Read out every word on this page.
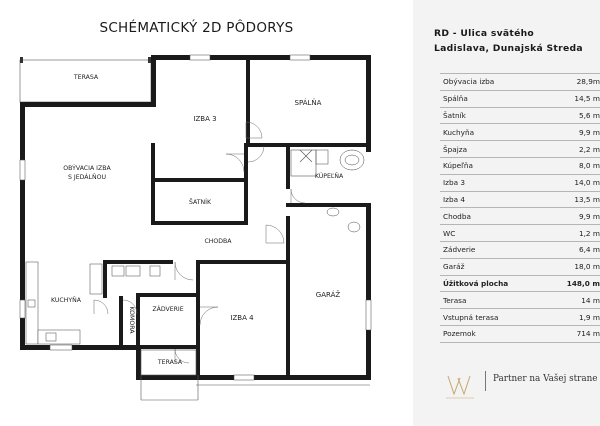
SCHÉMATICKÝ 2D PÔDORYS
TERASA
IZBA 3
SPÁLŇA
OBÝVACIA IZBA
S JEDÁLŇOU
ŠATNÍK
KÚPEĽŇA
CHODBA
KUCHYŇA
KOMORA	ZÁDVERIE
IZBA 4
GARÁŽ
TERASA
RD - Ulica svätého
Ladislava, Dunajská Streda
Obývacia izba	28,9m
Spálňa	14,5 m
Šatník	5,6 m
Kuchyňa	9,9 m
Špajza	2,2 m
Kúpeľňa	8,0 m
Izba 3	14,0 m
Izba 4	13,5 m
Chodba	9,9 m
WC	1,2 m
Zádverie	6,4 m
Garáž	18,0 m
Úžitková plocha	148,0 m
Terasa	14 m
Vstupná terasa	1,9 m
Pozemok	714 m
Partner na Vašej strane
